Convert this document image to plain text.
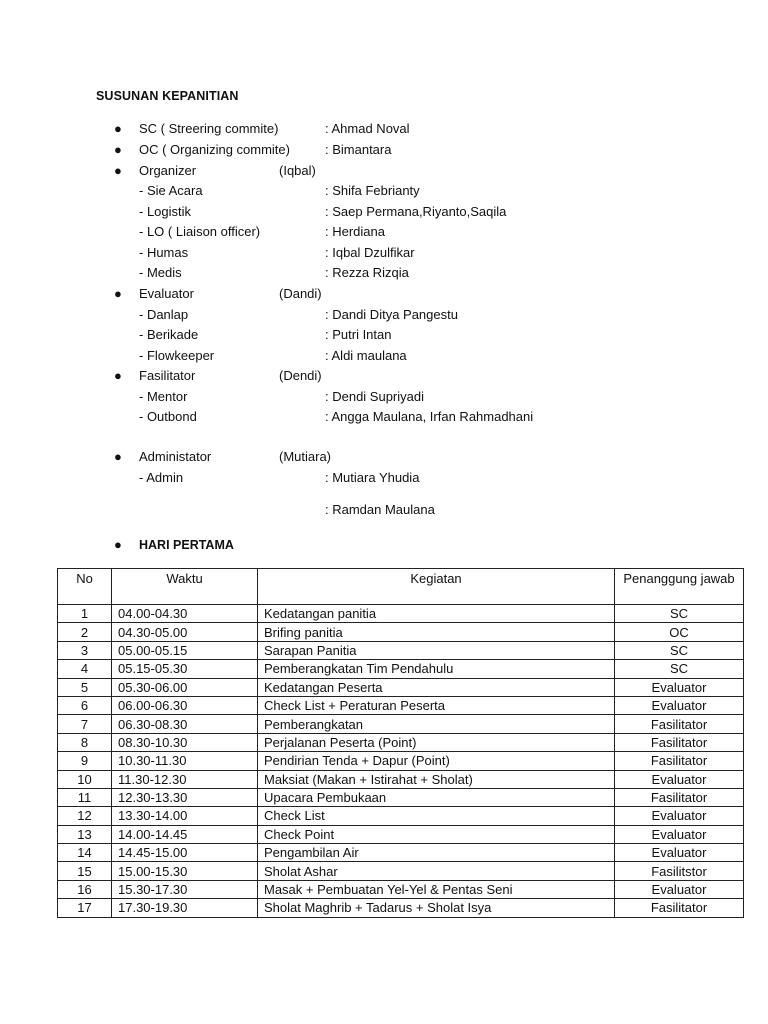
SUSUNAN KEPANITIAN
● SC ( Streering commite)	: Ahmad Noval
● OC ( Organizing commite)	: Bimantara
● Organizer	(Iqbal)
- Sie Acara	: Shifa Febrianty
- Logistik	: Saep Permana,Riyanto,Saqila
- LO ( Liaison officer)	: Herdiana
- Humas	: Iqbal Dzulfikar
- Medis	: Rezza Rizqia
● Evaluator	(Dandi)
- Danlap	: Dandi Ditya Pangestu
- Berikade	: Putri Intan
- Flowkeeper	: Aldi maulana
● Fasilitator	(Dendi)
- Mentor	: Dendi Supriyadi
- Outbond	: Angga Maulana, Irfan Rahmadhani
● Administator	(Mutiara)
- Admin	: Mutiara Yhudia
: Ramdan Maulana
● HARI PERTAMA
No	Waktu	Kegiatan	Penanggung jawab
1	04.00-04.30	Kedatangan panitia	SC
2	04.30-05.00	Brifing panitia	OC
3	05.00-05.15	Sarapan Panitia	SC
4	05.15-05.30	Pemberangkatan Tim Pendahulu	SC
5	05.30-06.00	Kedatangan Peserta	Evaluator
6	06.00-06.30	Check List + Peraturan Peserta	Evaluator
7	06.30-08.30	Pemberangkatan	Fasilitator
8	08.30-10.30	Perjalanan Peserta (Point)	Fasilitator
9	10.30-11.30	Pendirian Tenda + Dapur (Point)	Fasilitator
10	11.30-12.30	Maksiat (Makan + Istirahat + Sholat)	Evaluator
11	12.30-13.30	Upacara Pembukaan	Fasilitator
12	13.30-14.00	Check List	Evaluator
13	14.00-14.45	Check Point	Evaluator
14	14.45-15.00	Pengambilan Air	Evaluator
15	15.00-15.30	Sholat Ashar	Fasilitstor
16	15.30-17.30	Masak + Pembuatan Yel-Yel & Pentas Seni	Evaluator
17	17.30-19.30	Sholat Maghrib + Tadarus + Sholat Isya	Fasilitator
